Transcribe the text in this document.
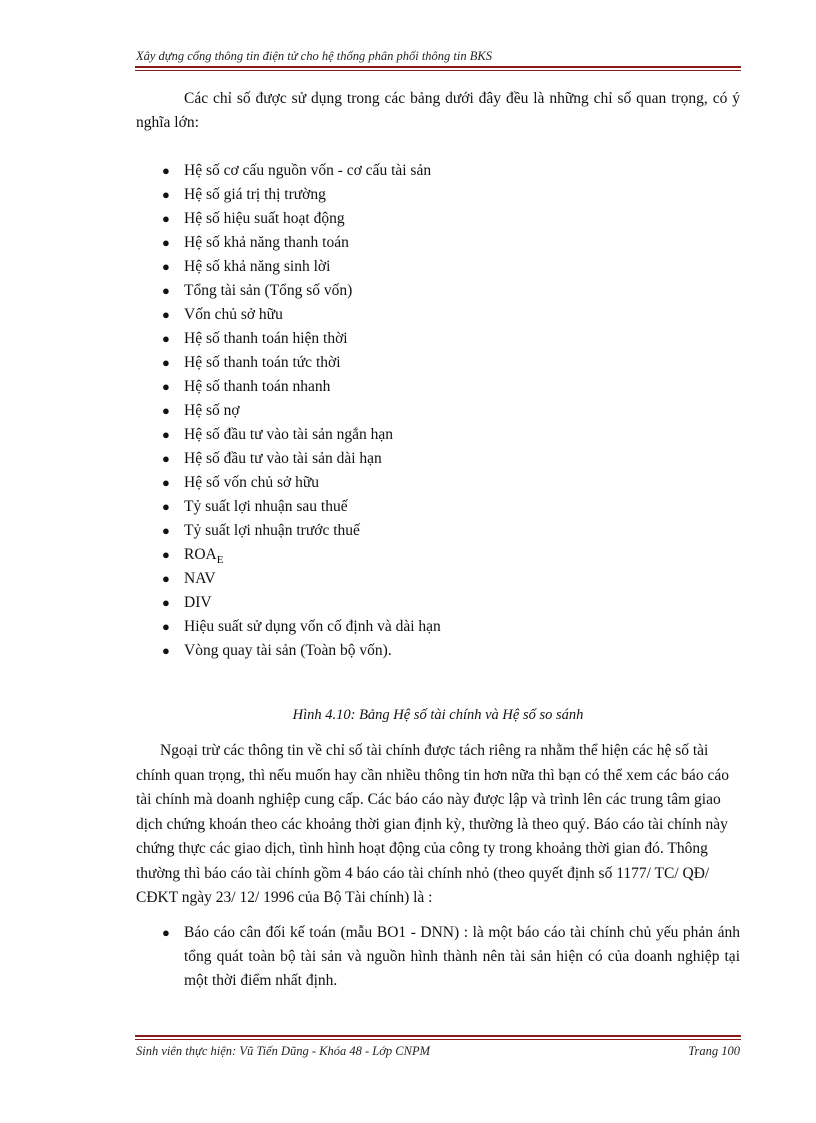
Xây dựng cổng thông tin điện tử cho hệ thống phân phối thông tin BKS

Các chỉ số được sử dụng trong các bảng dưới đây đều là những chỉ số quan trọng, có ý nghĩa lớn:

● Hệ số cơ cấu nguồn vốn - cơ cấu tài sản
● Hệ số giá trị thị trường
● Hệ số hiệu suất hoạt động
● Hệ số khả năng thanh toán
● Hệ số khả năng sinh lời
● Tổng tài sản (Tổng số vốn)
● Vốn chủ sở hữu
● Hệ số thanh toán hiện thời
● Hệ số thanh toán tức thời
● Hệ số thanh toán nhanh
● Hệ số nợ
● Hệ số đầu tư vào tài sản ngắn hạn
● Hệ số đầu tư vào tài sản dài hạn
● Hệ số vốn chủ sở hữu
● Tỷ suất lợi nhuận sau thuế
● Tỷ suất lợi nhuận trước thuế
● $ROA_E$
● NAV
● DIV
● Hiệu suất sử dụng vốn cố định và dài hạn
● Vòng quay tài sản (Toàn bộ vốn).

Hình 4.10: Bảng Hệ số tài chính và Hệ số so sánh

Ngoại trừ các thông tin về chỉ số tài chính được tách riêng ra nhằm thể hiện các hệ số tài chính quan trọng, thì nếu muốn hay cần nhiều thông tin hơn nữa thì bạn có thể xem các báo cáo tài chính mà doanh nghiệp cung cấp. Các báo cáo này được lập và trình lên các trung tâm giao dịch chứng khoán theo các khoảng thời gian định kỳ, thường là theo quý. Báo cáo tài chính này chứng thực các giao dịch, tình hình hoạt động của công ty trong khoảng thời gian đó. Thông thường thì báo cáo tài chính gồm 4 báo cáo tài chính nhỏ (theo quyết định số 1177/ TC/ QĐ/ CĐKT ngày 23/ 12/ 1996 của Bộ Tài chính) là :

● Báo cáo cân đối kế toán (mẫu BO1 - DNN) : là một báo cáo tài chính chủ yếu phản ánh tổng quát toàn bộ tài sản và nguồn hình thành nên tài sản hiện có của doanh nghiệp tại một thời điểm nhất định.
Sinh viên thực hiện: Vũ Tiến Dũng - Khóa 48 - Lớp CNPM	Trang 100
